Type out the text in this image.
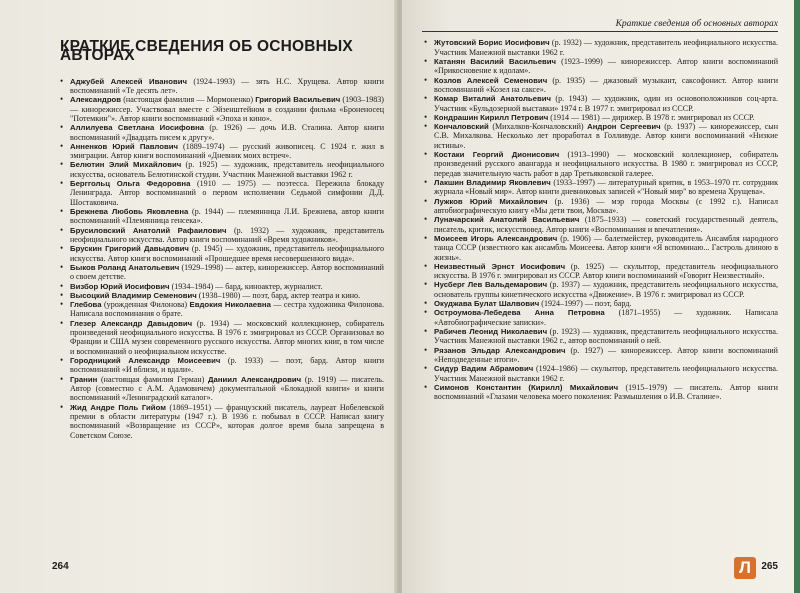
КРАТКИЕ СВЕДЕНИЯ ОБ ОСНОВНЫХ АВТОРАХ
• Аджубей Алексей Иванович (1924–1993) — зять Н.С. Хрущева. Автор книги воспоминаний «Те десять лет».
• Александров (настоящая фамилия — Мормоненко) Григорий Васильевич (1903–1983) — кинорежиссер. Участвовал вместе с Эйзенштейном в создании фильма «Броненосец "Потемкин"». Автор книги воспоминаний «Эпоха и кино».
• Аллилуева Светлана Иосифовна (р. 1926) — дочь И.В. Сталина. Автор книги воспоминаний «Двадцать писем к другу».
• Анненков Юрий Павлович (1889–1974) — русский живописец. С 1924 г. жил в эмиграции. Автор книги воспоминаний «Дневник моих встреч».
• Белютин Элий Михайлович (р. 1925) — художник, представитель неофициального искусства, основатель Белютинской студии. Участник Манежной выставки 1962 г.
• Берггольц Ольга Федоровна (1910 — 1975) — поэтесса. Пережила блокаду Ленинграда. Автор воспоминаний о первом исполнении Седьмой симфонии Д.Д. Шостаковича.
• Брежнева Любовь Яковлевна (р. 1944) — племянница Л.И. Брежнева, автор книги воспоминаний «Племянница генсека».
• Брусиловский Анатолий Рафаилович (р. 1932) — художник, представитель неофициального искусства. Автор книги воспоминаний «Время художников».
• Брускин Григорий Давыдович (р. 1945) — художник, представитель неофициального искусства. Автор книги воспоминаний «Прошедшее время несовершенного вида».
• Быков Роланд Анатольевич (1929–1998) — актер, кинорежиссер. Автор воспоминаний о своем детстве.
• Визбор Юрий Иосифович (1934–1984) — бард, киноактер, журналист.
• Высоцкий Владимир Семенович (1938–1980) — поэт, бард, актер театра и кино.
• Глебова (урожденная Филонова) Евдокия Николаевна — сестра художника Филонова. Написала воспоминания о брате.
• Глезер Александр Давыдович (р. 1934) — московский коллекционер, собиратель произведений неофициального искусства. В 1976 г. эмигрировал из СССР. Организовал во Франции и США музеи современного русского искусства. Автор многих книг, в том числе и воспоминаний о неофициальном искусстве.
• Городницкий Александр Моисеевич (р. 1933) — поэт, бард. Автор книги воспоминаний «И вблизи, и вдали».
• Гранин (настоящая фамилия Герман) Даниил Александрович (р. 1919) — писатель. Автор (совместно с А.М. Адамовичем) документальной «Блокадной книги» и книги воспоминаний «Ленинградский каталог».
• Жид Андре Поль Гийом (1869–1951) — французский писатель, лауреат Нобелевской премии в области литературы (1947 г.). В 1936 г. побывал в СССР. Написал книгу воспоминаний «Возвращение из СССР», которая долгое время была запрещена в Советском Союзе.
264
Краткие сведения об основных авторах
• Жутовский Борис Иосифович (р. 1932) — художник, представитель неофициального искусства. Участник Манежной выставки 1962 г.
• Катанян Василий Васильевич (1923–1999) — кинорежиссер. Автор книги воспоминаний «Прикосновение к идолам».
• Козлов Алексей Семенович (р. 1935) — джазовый музыкант, саксофонист. Автор книги воспоминаний «Козел на саксе».
• Комар Виталий Анатольевич (р. 1943) — художник, один из основоположников соц-арта. Участник «Бульдозерной выставки» 1974 г. В 1977 г. эмигрировал из СССР.
• Кондрашин Кирилл Петрович (1914 — 1981) — дирижер. В 1978 г. эмигрировал из СССР.
• Кончаловский (Михалков-Кончаловский) Андрон Сергеевич (р. 1937) — кинорежиссер, сын С.В. Михалкова. Несколько лет проработал в Голливуде. Автор книги воспоминаний «Низкие истины».
• Костаки Георгий Дионисович (1913–1990) — московский коллекционер, собиратель произведений русского авангарда и неофициального искусства. В 1980 г. эмигрировал из СССР, передав значительную часть работ в дар Третьяковской галерее.
• Лакшин Владимир Яковлевич (1933–1997) — литературный критик, в 1953–1970 гг. сотрудник журнала «Новый мир». Автор книги дневниковых записей «"Новый мир" во времена Хрущева».
• Лужков Юрий Михайлович (р. 1936) — мэр города Москвы (с 1992 г.). Написал автобиографическую книгу «Мы дети твои, Москва».
• Луначарский Анатолий Васильевич (1875–1933) — советский государственный деятель, писатель, критик, искусствовед. Автор книги «Воспоминания и впечатления».
• Моисеев Игорь Александрович (р. 1906) — балетмейстер, руководитель Ансамбля народного танца СССР (известного как ансамбль Моисеева. Автор книги «Я вспоминаю... Гастроль длиною в жизнь».
• Неизвестный Эрнст Иосифович (р. 1925) — скульптор, представитель неофициального искусства. В 1976 г. эмигрировал из СССР. Автор книги воспоминаний «Говорит Неизвестный».
• Нусберг Лев Вальдемарович (р. 1937) — художник, представитель неофициального искусства, основатель группы кинетического искусства «Движение». В 1976 г. эмигрировал из СССР.
• Окуджава Булат Шалвович (1924–1997) — поэт, бард.
• Остроумова-Лебедева Анна Петровна (1871–1955) — художник. Написала «Автобиографические записки».
• Рабичев Леонид Николаевич (р. 1923) — художник, представитель неофициального искусства. Участник Манежной выставки 1962 г., автор воспоминаний о ней.
• Рязанов Эльдар Александрович (р. 1927) — кинорежиссер. Автор книги воспоминаний «Неподведенные итоги».
• Сидур Вадим Абрамович (1924–1986) — скульптор, представитель неофициального искусства. Участник Манежной выставки 1962 г.
• Симонов Константин (Кирилл) Михайлович (1915–1979) — писатель. Автор книги воспоминаний «Глазами человека моего поколения: Размышления о И.В. Сталине».
265
Л
